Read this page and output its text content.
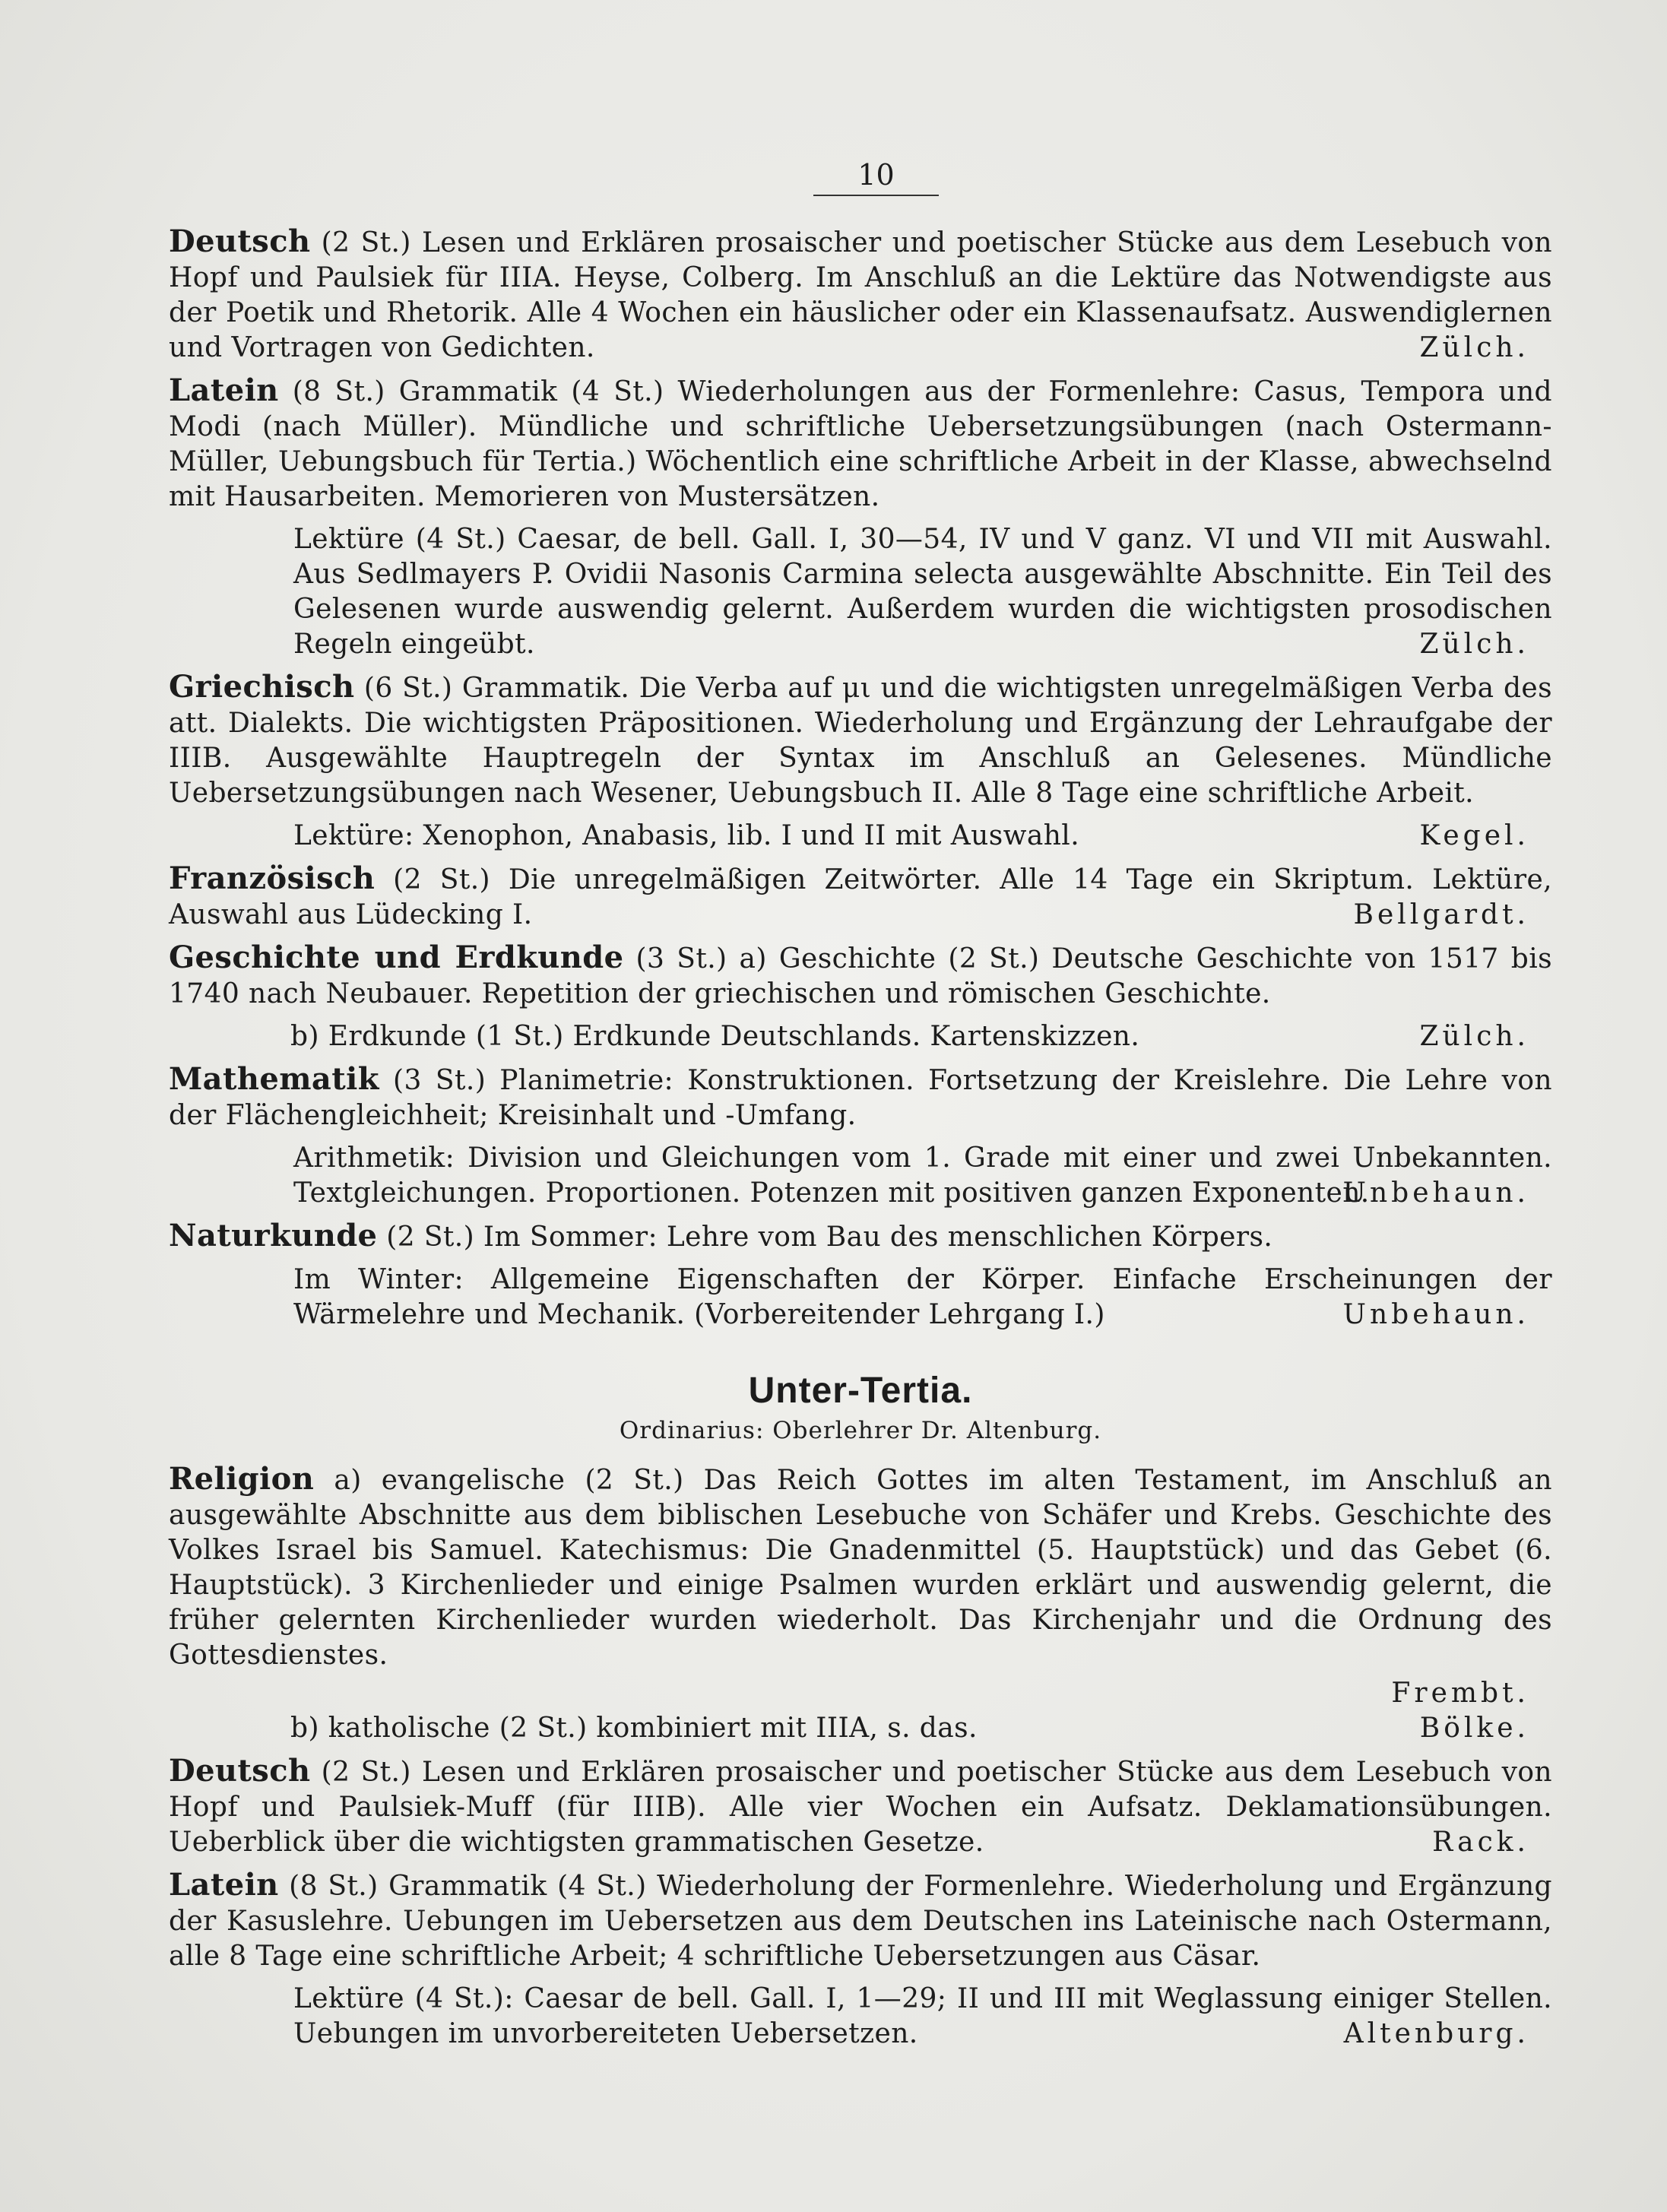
10

Deutsch (2 St.) Lesen und Erklären prosaischer und poetischer Stücke aus dem Lesebuch von Hopf und Paulsiek für IIIA. Heyse, Colberg. Im Anschluß an die Lektüre das Notwendigste aus der Poetik und Rhetorik. Alle 4 Wochen ein häuslicher oder ein Klassenaufsatz. Auswendiglernen und Vortragen von Gedichten.	Zülch.

Latein (8 St.) Grammatik (4 St.) Wiederholungen aus der Formenlehre: Casus, Tempora und Modi (nach Müller). Mündliche und schriftliche Uebersetzungsübungen (nach Ostermann-Müller, Uebungsbuch für Tertia.) Wöchentlich eine schriftliche Arbeit in der Klasse, abwechselnd mit Hausarbeiten. Memorieren von Mustersätzen.

Lektüre (4 St.) Caesar, de bell. Gall. I, 30—54, IV und V ganz. VI und VII mit Auswahl. Aus Sedlmayers P. Ovidii Nasonis Carmina selecta ausgewählte Abschnitte. Ein Teil des Gelesenen wurde auswendig gelernt. Außerdem wurden die wichtigsten prosodischen Regeln eingeübt.	Zülch.

Griechisch (6 St.) Grammatik. Die Verba auf μι und die wichtigsten unregelmäßigen Verba des att. Dialekts. Die wichtigsten Präpositionen. Wiederholung und Ergänzung der Lehraufgabe der IIIB. Ausgewählte Hauptregeln der Syntax im Anschluß an Gelesenes. Mündliche Uebersetzungsübungen nach Wesener, Uebungsbuch II. Alle 8 Tage eine schriftliche Arbeit.

Lektüre: Xenophon, Anabasis, lib. I und II mit Auswahl.	Kegel.

Französisch (2 St.) Die unregelmäßigen Zeitwörter. Alle 14 Tage ein Skriptum. Lektüre, Auswahl aus Lüdecking I.	Bellgardt.

Geschichte und Erdkunde (3 St.) a) Geschichte (2 St.) Deutsche Geschichte von 1517 bis 1740 nach Neubauer. Repetition der griechischen und römischen Geschichte.

b) Erdkunde (1 St.) Erdkunde Deutschlands. Kartenskizzen.	Zülch.

Mathematik (3 St.) Planimetrie: Konstruktionen. Fortsetzung der Kreislehre. Die Lehre von der Flächengleichheit; Kreisinhalt und -Umfang.

Arithmetik: Division und Gleichungen vom 1. Grade mit einer und zwei Unbekannten. Textgleichungen. Proportionen. Potenzen mit positiven ganzen Exponenten.

Unbehaun.

Naturkunde (2 St.) Im Sommer: Lehre vom Bau des menschlichen Körpers.

Im Winter: Allgemeine Eigenschaften der Körper. Einfache Erscheinungen der Wärmelehre und Mechanik. (Vorbereitender Lehrgang I.)	Unbehaun.
Unter-Tertia.
Ordinarius: Oberlehrer Dr. Altenburg.

Religion a) evangelische (2 St.) Das Reich Gottes im alten Testament, im Anschluß an ausgewählte Abschnitte aus dem biblischen Lesebuche von Schäfer und Krebs. Geschichte des Volkes Israel bis Samuel. Katechismus: Die Gnadenmittel (5. Hauptstück) und das Gebet (6. Hauptstück). 3 Kirchenlieder und einige Psalmen wurden erklärt und auswendig gelernt, die früher gelernten Kirchenlieder wurden wiederholt. Das Kirchenjahr und die Ordnung des Gottesdienstes.

Frembt.
b) katholische (2 St.) kombiniert mit IIIA, s. das.	Bölke.

Deutsch (2 St.) Lesen und Erklären prosaischer und poetischer Stücke aus dem Lesebuch von Hopf und Paulsiek-Muff (für IIIB). Alle vier Wochen ein Aufsatz. Deklamationsübungen. Ueberblick über die wichtigsten grammatischen Gesetze.	Rack.

Latein (8 St.) Grammatik (4 St.) Wiederholung der Formenlehre. Wiederholung und Ergänzung der Kasuslehre. Uebungen im Uebersetzen aus dem Deutschen ins Lateinische nach Ostermann, alle 8 Tage eine schriftliche Arbeit; 4 schriftliche Uebersetzungen aus Cäsar.

Lektüre (4 St.): Caesar de bell. Gall. I, 1—29; II und III mit Weglassung einiger Stellen. Uebungen im unvorbereiteten Uebersetzen.	Altenburg.
